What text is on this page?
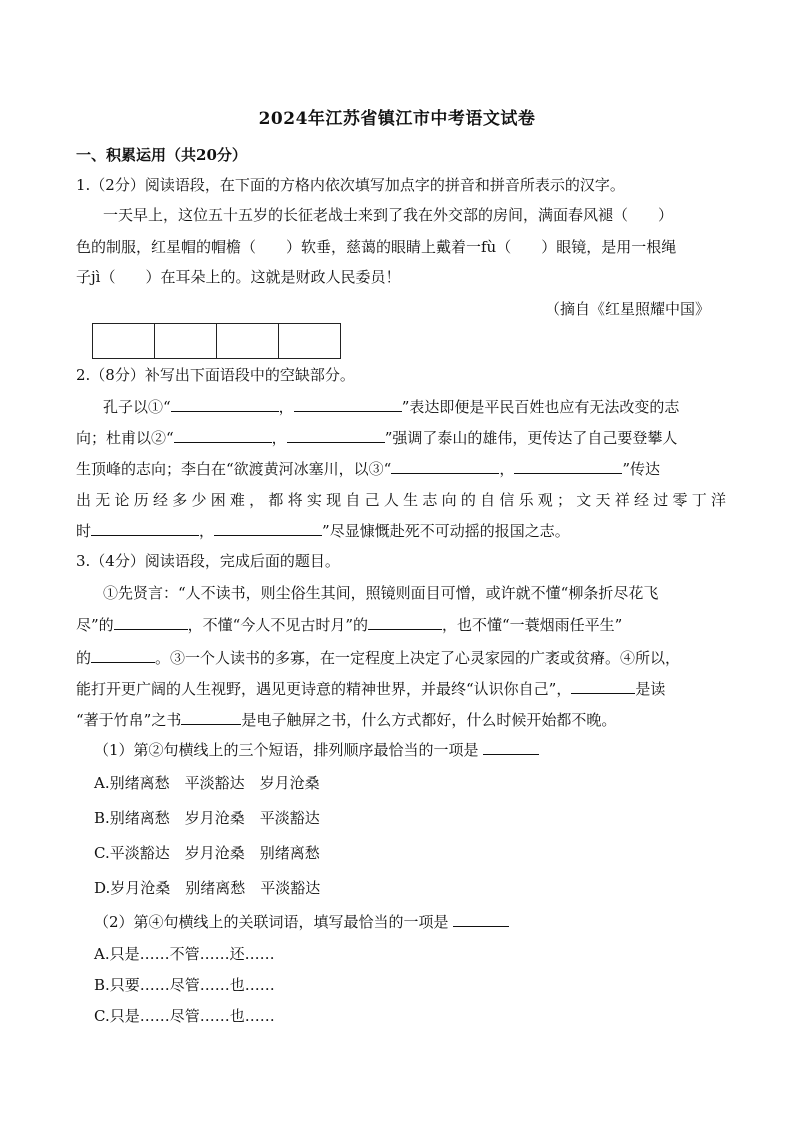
2024年江苏省镇江市中考语文试卷
一、积累运用（共20分）
1.（2分）阅读语段，在下面的方格内依次填写加点字的拼音和拼音所表示的汉字。
一天早上，这位五十五岁的长征老战士来到了我在外交部的房间，满面春风褪（　　）
色的制服，红星帽的帽檐（　　）软垂，慈蔼的眼睛上戴着一fù（　　）眼镜，是用一根绳
子jì（　　）在耳朵上的。这就是财政人民委员！
（摘自《红星照耀中国》
2.（8分）补写出下面语段中的空缺部分。
孔子以①“	，	”表达即便是平民百姓也应有无法改变的志
向；杜甫以②“	，	”强调了泰山的雄伟，更传达了自己要登攀人
生顶峰的志向；李白在“欲渡黄河冰塞川，以③“	，	”传达
出无论历经多少困难，都将实现自己人生志向的自信乐观；文天祥经过零丁洋
时	，	”尽显慷慨赴死不可动摇的报国之志。
3.（4分）阅读语段，完成后面的题目。
①先贤言：“人不读书，则尘俗生其间，照镜则面目可憎，或许就不懂“柳条折尽花飞
尽”的	，不懂“今人不见古时月”的	，也不懂“一蓑烟雨任平生”
的	。③一个人读书的多寡，在一定程度上决定了心灵家园的广袤或贫瘠。④所以，
能打开更广阔的人生视野，遇见更诗意的精神世界，并最终“认识你自己”，	是读
“著于竹帛”之书	是电子触屏之书，什么方式都好，什么时候开始都不晚。
（1）第②句横线上的三个短语，排列顺序最恰当的一项是
A.别绪离愁　平淡豁达　岁月沧桑
B.别绪离愁　岁月沧桑　平淡豁达
C.平淡豁达　岁月沧桑　别绪离愁
D.岁月沧桑　别绪离愁　平淡豁达
（2）第④句横线上的关联词语，填写最恰当的一项是
A.只是……不管……还……
B.只要……尽管……也……
C.只是……尽管……也……
